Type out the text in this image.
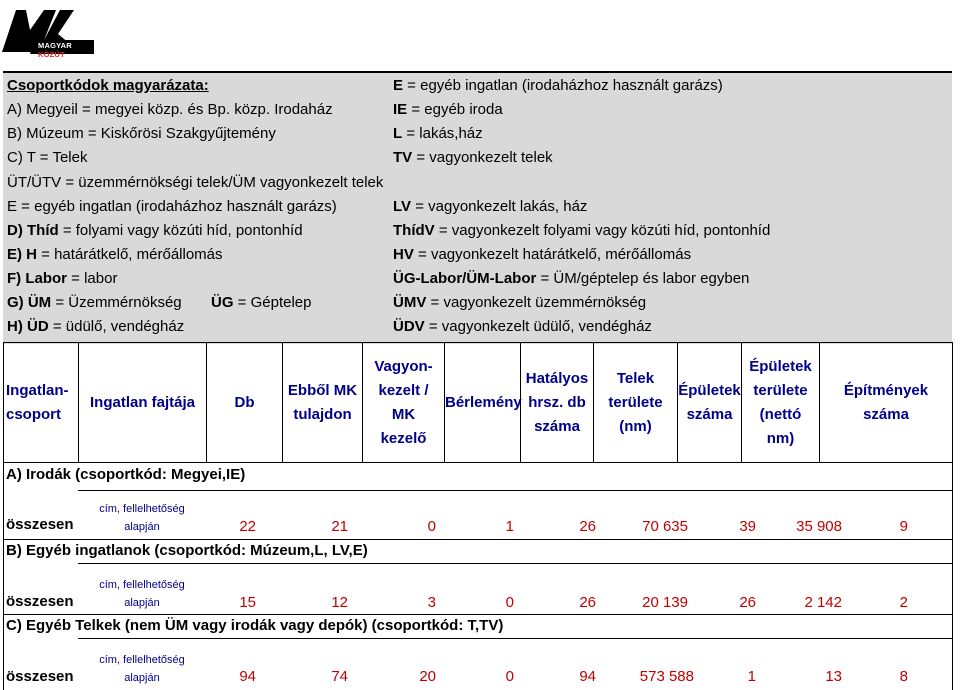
MAGYAR KÖZÚT
Csoportkódok magyarázata:
A) Megyeil = megyei közp. és Bp. közp. Irodaház
B) Múzeum = Kiskőrösi Szakgyűjtemény
C) T = Telek
ÜT/ÜTV = üzemmérnökségi telek/ÜM vagyonkezelt telek
E = egyéb ingatlan (irodaházhoz használt garázs)
D) Thíd = folyami vagy közúti híd, pontonhíd
E) H = határátkelő, mérőállomás
F) Labor = labor
G) ÜM = Üzemmérnökség ÜG = Géptelep
H) ÜD = üdülő, vendégház
E = egyéb ingatlan (irodaházhoz használt garázs)
IE = egyéb iroda
L = lakás,ház
TV = vagyonkezelt telek
LV = vagyonkezelt lakás, ház
ThídV = vagyonkezelt folyami vagy közúti híd, pontonhíd
HV = vagyonkezelt határátkelő, mérőállomás
ÜG-Labor/ÜM-Labor = ÜM/géptelep és labor egyben
ÜMV = vagyonkezelt üzemmérnökség
ÜDV = vagyonkezelt üdülő, vendégház
Ingatlan-
csoport	Ingatlan fajtája	Db	Ebből MK
tulajdon	Vagyon-
kezelt /
MK
kezelő	Bérlemény	Hatályos
hrsz. db
száma	Telek
területe
(nm)	Épületek
száma	Épületek
területe
(nettó
nm)	Építmények
száma
A) Irodák (csoportkód: Megyei,IE)
összesen
cím, fellelhetőség
alapján	22	21	0	1	26	70 635	39	35 908	9
B) Egyéb ingatlanok (csoportkód: Múzeum,L, LV,E)
összesen
cím, fellelhetőség
alapján	15	12	3	0	26	20 139	26	2 142	2
C) Egyéb Telkek (nem ÜM vagy irodák vagy depók) (csoportkód: T,TV)
összesen
cím, fellelhetőség
alapján	94	74	20	0	94	573 588	1	13	8
